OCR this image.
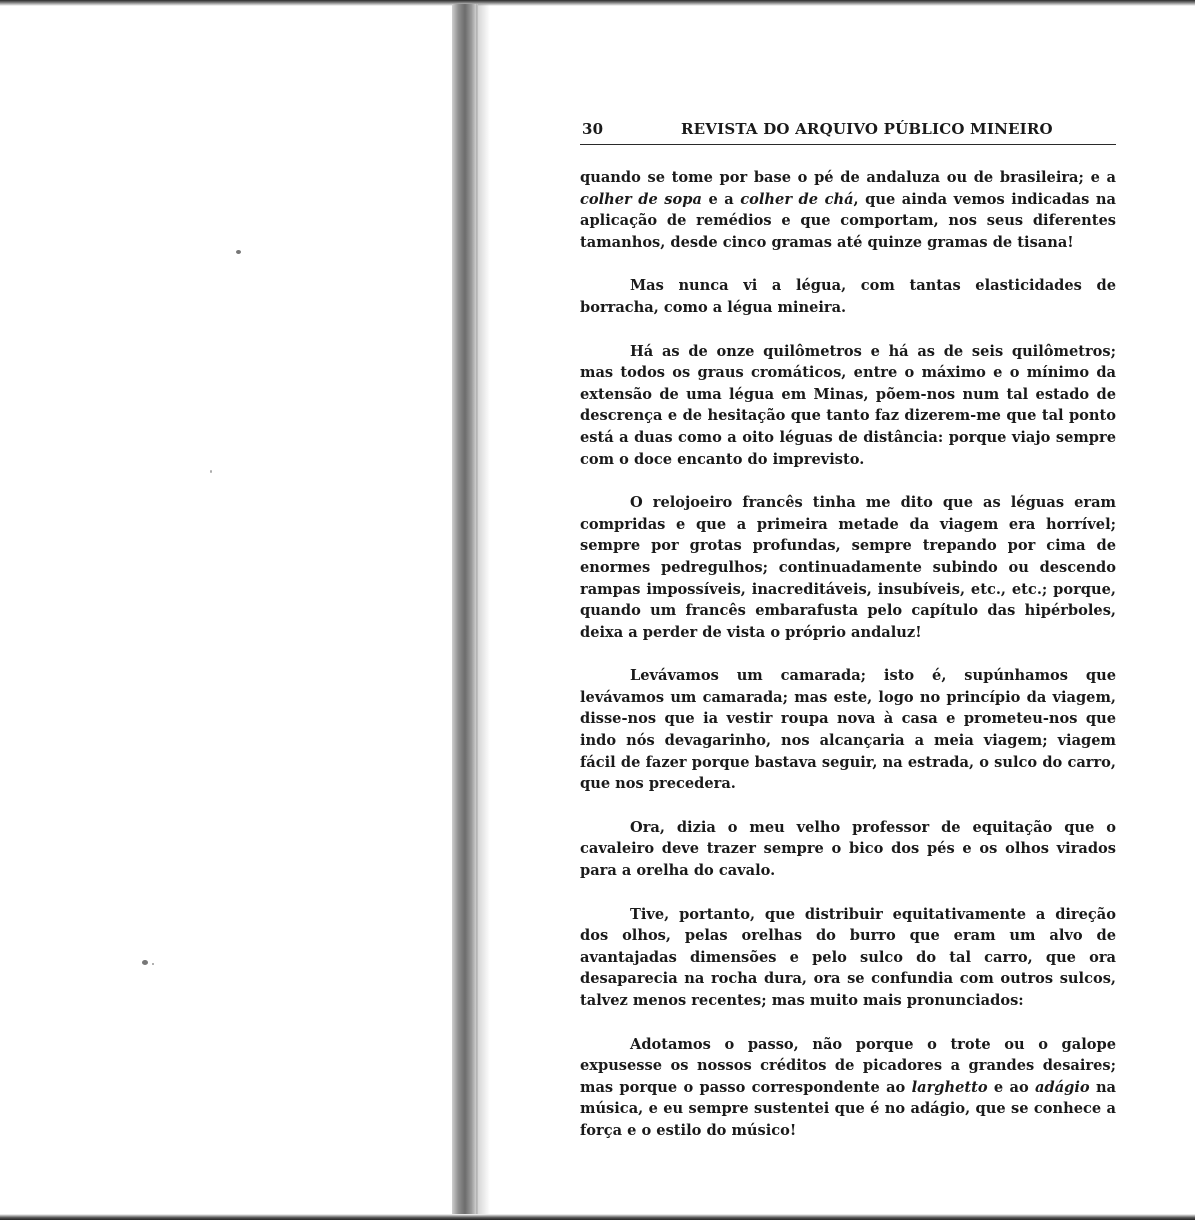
30	REVISTA DO ARQUIVO PÚBLICO MINEIRO

quando se tome por base o pé de andaluza ou de brasileira; e a colher de sopa e a colher de chá, que ainda vemos indicadas na aplicação de remédios e que comportam, nos seus diferentes tamanhos, desde cinco gramas até quinze gramas de tisana!

Mas nunca vi a légua, com tantas elasticidades de borracha, como a légua mineira.

Há as de onze quilômetros e há as de seis quilômetros; mas todos os graus cromáticos, entre o máximo e o mínimo da extensão de uma légua em Minas, põem-nos num tal estado de descrença e de hesitação que tanto faz dizerem-me que tal ponto está a duas como a oito léguas de distância: porque viajo sempre com o doce encanto do imprevisto.

O relojoeiro francês tinha me dito que as léguas eram compridas e que a primeira metade da viagem era horrível; sempre por grotas profundas, sempre trepando por cima de enormes pedregulhos; continuadamente subindo ou descendo rampas impossíveis, inacreditáveis, insubíveis, etc., etc.; porque, quando um francês embarafusta pelo capítulo das hipérboles, deixa a perder de vista o próprio andaluz!

Levávamos um camarada; isto é, supúnhamos que levávamos um camarada; mas este, logo no princípio da viagem, disse-nos que ia vestir roupa nova à casa e prometeu-nos que indo nós devagarinho, nos alcançaria a meia viagem; viagem fácil de fazer porque bastava seguir, na estrada, o sulco do carro, que nos precedera.

Ora, dizia o meu velho professor de equitação que o cavaleiro deve trazer sempre o bico dos pés e os olhos virados para a orelha do cavalo.

Tive, portanto, que distribuir equitativamente a direção dos olhos, pelas orelhas do burro que eram um alvo de avantajadas dimensões e pelo sulco do tal carro, que ora desaparecia na rocha dura, ora se confundia com outros sulcos, talvez menos recentes; mas muito mais pronunciados:

Adotamos o passo, não porque o trote ou o galope expusesse os nossos créditos de picadores a grandes desaires; mas porque o passo correspondente ao larghetto e ao adágio na música, e eu sempre sustentei que é no adágio, que se conhece a força e o estilo do músico!
